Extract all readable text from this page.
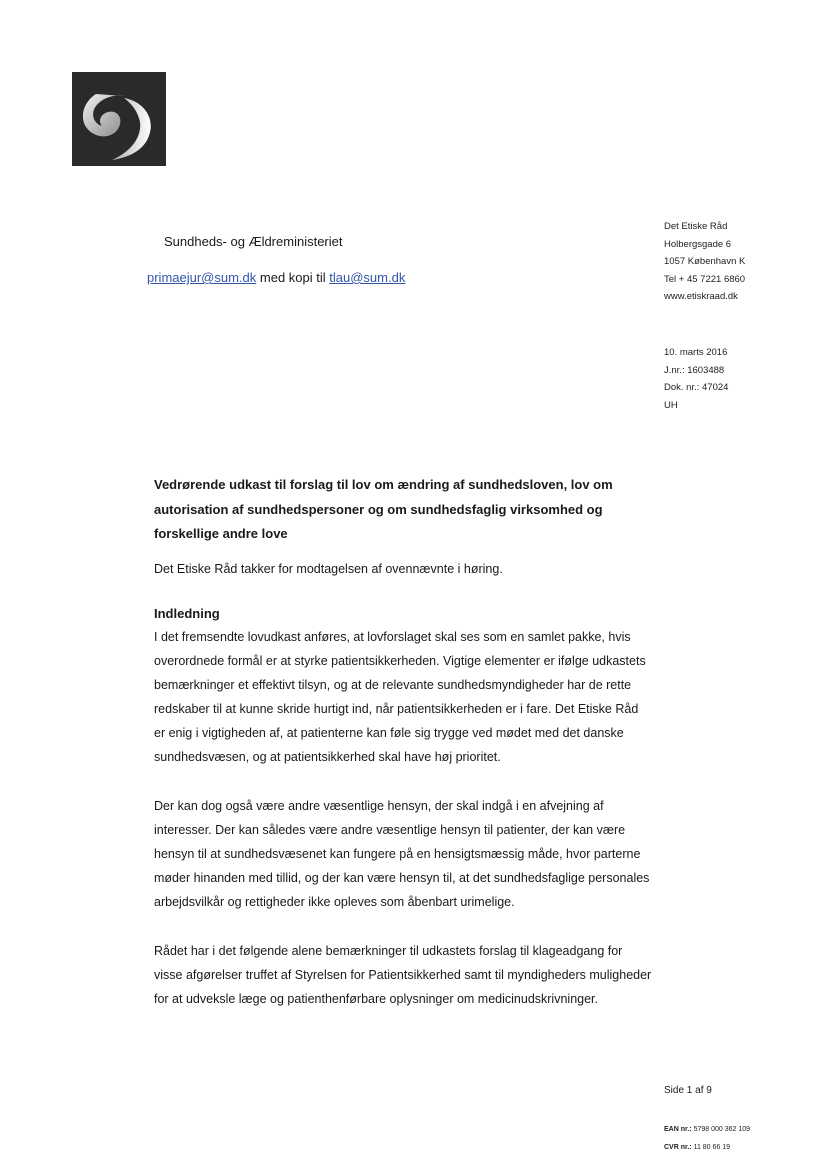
Sundheds- og Ældreministeriet
primaejur@sum.dk med kopi til tlau@sum.dk
Det Etiske Råd
Holbergsgade 6
1057 København K
Tel + 45 7221 6860
www.etiskraad.dk
10. marts 2016
J.nr.: 1603488
Dok. nr.: 47024
UH

Vedrørende udkast til forslag til lov om ændring af sundhedsloven, lov om autorisation af sundhedspersoner og om sundhedsfaglig virksomhed og forskellige andre love

Det Etiske Råd takker for modtagelsen af ovennævnte i høring.

Indledning

I det fremsendte lovudkast anføres, at lovforslaget skal ses som en samlet pakke, hvis overordnede formål er at styrke patientsikkerheden. Vigtige elementer er ifølge udkastets bemærkninger et effektivt tilsyn, og at de relevante sundhedsmyndigheder har de rette redskaber til at kunne skride hurtigt ind, når patientsikkerheden er i fare. Det Etiske Råd er enig i vigtigheden af, at patienterne kan føle sig trygge ved mødet med det danske sundhedsvæsen, og at patientsikkerhed skal have høj prioritet.

Der kan dog også være andre væsentlige hensyn, der skal indgå i en afvejning af interesser. Der kan således være andre væsentlige hensyn til patienter, der kan være hensyn til at sundhedsvæsenet kan fungere på en hensigtsmæssig måde, hvor parterne møder hinanden med tillid, og der kan være hensyn til, at det sundhedsfaglige personales arbejdsvilkår og rettigheder ikke opleves som åbenbart urimelige.

Rådet har i det følgende alene bemærkninger til udkastets forslag til klageadgang for visse afgørelser truffet af Styrelsen for Patientsikkerhed samt til myndigheders muligheder for at udveksle læge og patienthenførbare oplysninger om medicinudskrivninger.

Side 1 af 9
EAN nr.: 5798 000 362 109
CVR nr.: 11 80 66 19
